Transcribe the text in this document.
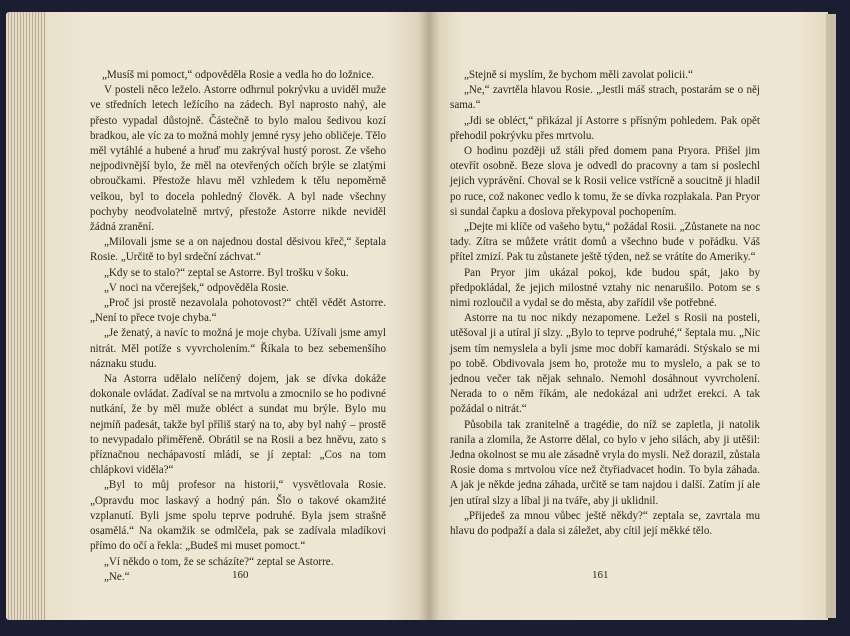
„Musíš mi pomoct,“ odpověděla Rosie a vedla ho do ložnice.

V posteli něco leželo. Astorre odhrnul pokrývku a uviděl muže ve středních letech ležícího na zádech. Byl naprosto nahý, ale přesto vypadal důstojně. Částečně to bylo malou šedivou kozí bradkou, ale víc za to možná mohly jemné rysy jeho obličeje. Tělo měl vytáhlé a hubené a hruď mu zakrýval hustý porost. Ze všeho nejpodivnější bylo, že měl na otevřených očích brýle se zlatými obroučkami. Přestože hlavu měl vzhledem k tělu nepoměrně velkou, byl to docela pohledný člověk. A byl nade všechny pochyby neodvolatelně mrtvý, přestože Astorre nikde neviděl žádná zranění.

„Milovali jsme se a on najednou dostal děsivou křeč,“ šeptala Rosie. „Určitě to byl srdeční záchvat.“

„Kdy se to stalo?“ zeptal se Astorre. Byl trošku v šoku.

„V noci na včerejšek,“ odpověděla Rosie.

„Proč jsi prostě nezavolala pohotovost?“ chtěl vědět Astorre. „Není to přece tvoje chyba.“

„Je ženatý, a navíc to možná je moje chyba. Užívali jsme amyl nitrát. Měl potíže s vyvrcholením.“ Říkala to bez sebemenšího náznaku studu.

Na Astorra udělalo nelíčený dojem, jak se dívka dokáže dokonale ovládat. Zadíval se na mrtvolu a zmocnilo se ho podivné nutkání, že by měl muže obléct a sundat mu brýle. Bylo mu nejmíň padesát, takže byl příliš starý na to, aby byl nahý – prostě to nevypadalo přiměřeně. Obrátil se na Rosii a bez hněvu, zato s příznačnou nechápavostí mládí, se jí zeptal: „Cos na tom chlápkovi viděla?“

„Byl to můj profesor na historii,“ vysvětlovala Rosie. „Opravdu moc laskavý a hodný pán. Šlo o takové okamžité vzplanutí. Byli jsme spolu teprve podruhé. Byla jsem strašně osamělá.“ Na okamžik se odmlčela, pak se zadívala mladíkovi přímo do očí a řekla: „Budeš mi muset pomoct.“

„Ví někdo o tom, že se scházíte?“ zeptal se Astorre.

„Ne.“	160

„Stejně si myslím, že bychom měli zavolat policii.“

„Ne,“ zavrtěla hlavou Rosie. „Jestli máš strach, postarám se o něj sama.“

„Jdi se obléct,“ přikázal jí Astorre s přísným pohledem. Pak opět přehodil pokrývku přes mrtvolu.

O hodinu později už stáli před domem pana Pryora. Přišel jim otevřít osobně. Beze slova je odvedl do pracovny a tam si poslechl jejich vyprávění. Choval se k Rosii velice vstřícně a soucitně ji hladil po ruce, což nakonec vedlo k tomu, že se dívka rozplakala. Pan Pryor si sundal čapku a doslova překypoval pochopením.

„Dejte mi klíče od vašeho bytu,“ požádal Rosii. „Zůstanete na noc tady. Zítra se můžete vrátit domů a všechno bude v pořádku. Váš přítel zmizí. Pak tu zůstanete ještě týden, než se vrátíte do Ameriky.“

Pan Pryor jim ukázal pokoj, kde budou spát, jako by předpokládal, že jejich milostné vztahy nic nenarušilo. Potom se s nimi rozloučil a vydal se do města, aby zařídil vše potřebné.

Astorre na tu noc nikdy nezapomene. Ležel s Rosii na posteli, utěšoval ji a utíral jí slzy. „Bylo to teprve podruhé,“ šeptala mu. „Nic jsem tím nemyslela a byli jsme moc dobří kamarádi. Stýskalo se mi po tobě. Obdivovala jsem ho, protože mu to myslelo, a pak se to jednou večer tak nějak sehnalo. Nemohl dosáhnout vyvrcholení. Neradа to o něm říkám, ale nedokázal ani udržet erekci. A tak požádal o nitrát.“

Působila tak zranitelně a tragédie, do níž se zapletla, ji natolik ranila a zlomila, že Astorre dělal, co bylo v jeho silách, aby ji utěšil: Jedna okolnost se mu ale zásadně vryla do mysli. Než dorazil, zůstala Rosie doma s mrtvolou více než čtyřiadvacet hodin. To byla záhada. A jak je někde jedna záhada, určitě se tam najdou i další. Zatím jí ale jen utíral slzy a líbal ji na tváře, aby ji uklidnil.

„Přijedeš za mnou vůbec ještě někdy?“ zeptala se, zavrtala mu hlavu do podpaží a dala si záležet, aby cítil její měkké tělo.

161
